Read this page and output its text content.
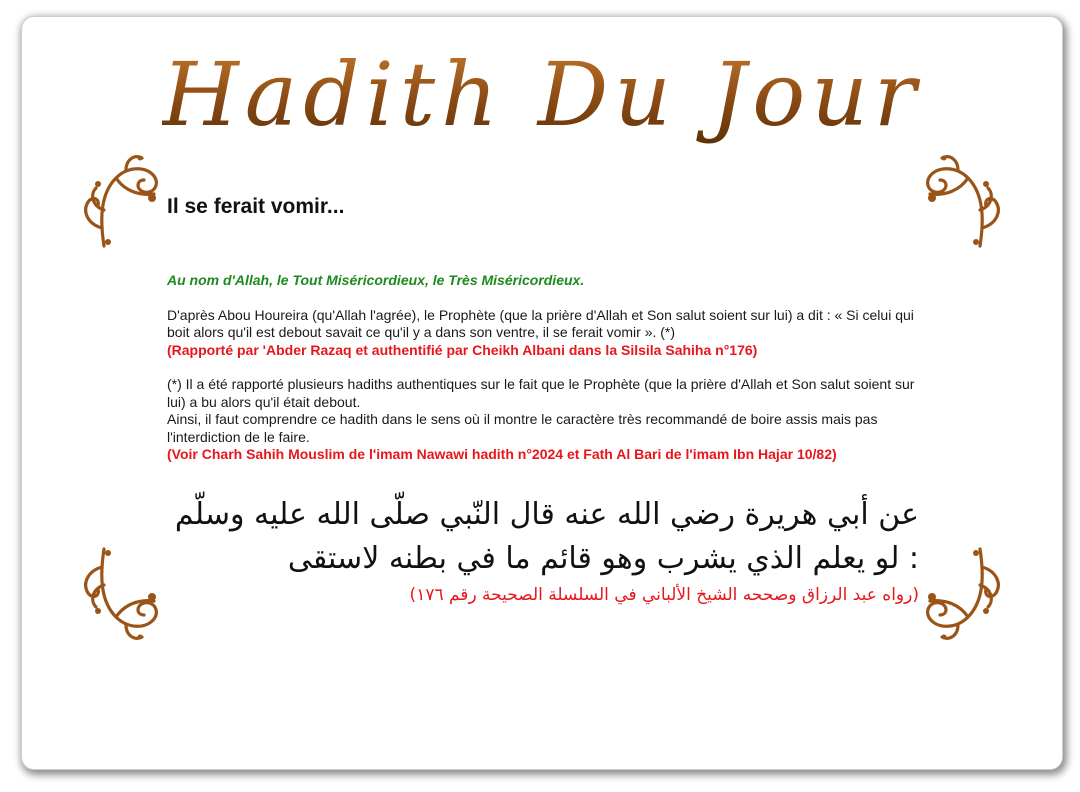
Hadith Du Jour
Il se ferait vomir...

Au nom d'Allah, le Tout Miséricordieux, le Très Miséricordieux.

D'après Abou Houreira (qu'Allah l'agrée), le Prophète (que la prière d'Allah et Son salut soient sur lui) a dit : « Si celui qui boit alors qu'il est debout savait ce qu'il y a dans son ventre, il se ferait vomir ». (*)

(Rapporté par 'Abder Razaq et authentifié par Cheikh Albani dans la Silsila Sahiha n°176)

(*) Il a été rapporté plusieurs hadiths authentiques sur le fait que le Prophète (que la prière d'Allah et Son salut soient sur lui) a bu alors qu'il était debout.

Ainsi, il faut comprendre ce hadith dans le sens où il montre le caractère très recommandé de boire assis mais pas l'interdiction de le faire.

(Voir Charh Sahih Mouslim de l'imam Nawawi hadith n°2024 et Fath Al Bari de l'imam Ibn Hajar 10/82)

عن أبي هريرة رضي الله عنه قال النّبي صلّى الله عليه وسلّم : لو يعلم الذي يشرب وهو قائم ما في بطنه لاستقى

(رواه عبد الرزاق وصححه الشيخ الألباني في السلسلة الصحيحة رقم ١٧٦)
